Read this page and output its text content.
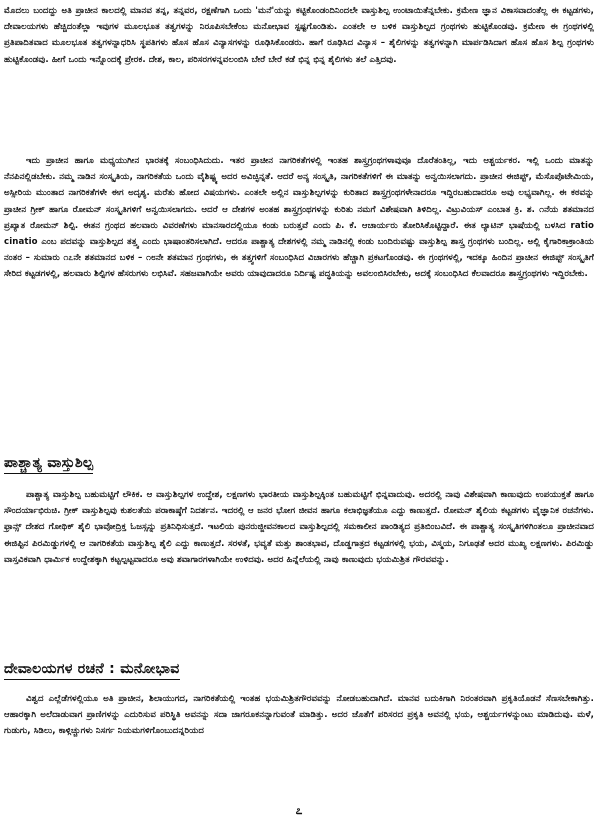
ಮೊದಲು ಬಂದದ್ದು ಅತಿ ಪ್ರಾಚೀನ ಕಾಲದಲ್ಲಿ ಮಾನವ ತನ್ನ, ತನ್ನವರ, ರಕ್ಷಣೆಗಾಗಿ ಒಂದು 'ಮನೆ'ಯನ್ನು ಕಟ್ಟಿಕೊಂಡಂದಿನಿಂದಲೇ ವಾಸ್ತುಶಿಲ್ಪ ಉಂಟಾಯಿತೆನ್ನಬೇಕು. ಕ್ರಮೇಣ ಜ್ಞಾನ ವಿಕಾಸವಾದಂತೆಲ್ಲ ಈ ಕಟ್ಟಡಗಳು, ದೇವಾಲಯಗಳು ಹೆಚ್ಚಿದಂತೆಲ್ಲಾ ಇವುಗಳ ಮೂಲಭೂತ ತತ್ವಗಳನ್ನು ನಿರೂಪಿಸಬೇಕೆಂಬ ಮನೋಭಾವ ಸ್ಪಷ್ಟಗೊಂಡಿತು. ಎಂತಲೇ ಆ ಬಳಿಕ ವಾಸ್ತುಶಿಲ್ಪದ ಗ್ರಂಥಗಳು ಹುಟ್ಟಿಕೊಂಡವು. ಕ್ರಮೇಣ ಈ ಗ್ರಂಥಗಳಲ್ಲಿ ಪ್ರತಿಪಾದಿತವಾದ ಮೂಲಭೂತ ತತ್ವಗಳನ್ನಾಧರಿಸಿ ಸ್ಥಪತಿಗಳು ಹೊಸ ಹೊಸ ವಿನ್ಯಾಸಗಳನ್ನು ರೂಢಿಸಿಕೊಂಡರು. ಹಾಗೆ ರೂಢಿಸಿದ ವಿನ್ಯಾಸ – ಶೈಲಿಗಳನ್ನು ತತ್ವಗಳನ್ನಾಗಿ ಮಾರ್ಪಡಿಸಿದಾಗ ಹೊಸ ಹೊಸ ಶಿಲ್ಪ ಗ್ರಂಥಗಳು ಹುಟ್ಟಿಕೊಂಡವು. ಹೀಗೆ ಒಂದು ಇನ್ನೊಂದಕ್ಕೆ ಪ್ರೇರಕ. ದೇಶ, ಕಾಲ, ಪರಿಸರಗಳನ್ನವಲಂಬಿಸಿ ಬೇರೆ ಬೇರೆ ಕಡೆ ಭಿನ್ನ ಭಿನ್ನ ಶೈಲಿಗಳು ತಲೆ ಎತ್ತಿದವು.

ಇದು ಪ್ರಾಚೀನ ಹಾಗೂ ಮಧ್ಯಯುಗೀನ ಭಾರತಕ್ಕೆ ಸಂಬಂಧಿಸಿದುದು. ಇತರ ಪ್ರಾಚೀನ ನಾಗರಿಕತೆಗಳಲ್ಲಿ ಇಂತಹ ಶಾಸ್ತ್ರಗ್ರಂಥಗಳಾವುವೂ ದೊರೆತಂತಿಲ್ಲ, ಇದು ಆಶ್ಚರ್ಯಕರ. ಇಲ್ಲಿ ಒಂದು ಮಾತನ್ನು ನೆನಪಿನಲ್ಲಿಡಬೇಕು. ನಮ್ಮ ನಾಡಿನ ಸಂಸ್ಕೃತಿಯ, ನಾಗರಿಕತೆಯ ಒಂದು ವೈಶಿಷ್ಟ್ಯ ಅದರ ಅವಿಚ್ಛಿನ್ನತೆ. ಆದರೆ ಅನ್ಯ ಸಂಸ್ಕೃತಿ, ನಾಗರಿಕತೆಗಳಿಗೆ ಈ ಮಾತನ್ನು ಅನ್ವಯಿಸಲಾಗದು. ಪ್ರಾಚೀನ ಈಜಿಪ್ಟ್, ಮೆಸೊಪೊಟೇಮಿಯ, ಅಸ್ಸೀರಿಯ ಮುಂತಾದ ನಾಗರಿಕತೆಗಳೇ ಈಗ ಅದೃಶ್ಯ. ಮರೆತು ಹೋದ ವಿಷಯಗಳು. ಎಂತಲೇ ಅಲ್ಲಿನ ವಾಸ್ತುಶಿಲ್ಪಗಳನ್ನು ಕುರಿತಾದ ಶಾಸ್ತ್ರಗ್ರಂಥಗಳೇನಾದರೂ ಇದ್ದಿರಬಹುದಾದರೂ ಅವು ಲಭ್ಯವಾಗಿಲ್ಲ. ಈ ಕಠವನ್ನು ಪ್ರಾಚೀನ ಗ್ರೀಕ್ ಹಾಗೂ ರೋಮನ್ ಸಂಸ್ಕೃತಿಗಳಿಗೆ ಅನ್ವಯಿಸಲಾಗದು. ಆದರೆ ಆ ದೇಶಗಳ ಅಂತಹ ಶಾಸ್ತ್ರಗ್ರಂಥಗಳನ್ನು ಕುರಿತು ನಮಗೆ ವಿಶೇಷವಾಗಿ ತಿಳಿದಿಲ್ಲ. ವಿಟ್ರುವಿಯಸ್ ಎಂಬಾತ ಕ್ರಿ. ಶ. ೧ನೆಯ ಶತಮಾನದ ಪ್ರಖ್ಯಾತ ರೋಮನ್ ಶಿಲ್ಪಿ. ಈತನ ಗ್ರಂಥದ ಹಲವಾರು ವಿವರಣೆಗಳು ಮಾನಸಾರದಲ್ಲಿಯೂ ಕಂಡು ಬರುತ್ತವೆ ಎಂದು ಪಿ. ಕೆ. ಆಚಾರ್ಯರು ತೋರಿಸಿಕೊಟ್ಟಿದ್ದಾರೆ. ಈತ ಲ್ಯಾಟಿನ್ ಭಾಷೆಯಲ್ಲಿ ಬಳಸಿದ ratio cinatio ಎಂಬ ಪದವನ್ನು ವಾಸ್ತುಶಿಲ್ಪದ ತತ್ತ್ವ ಎಂದು ಭಾಷಾಂತರಿಸಲಾಗಿದೆ. ಆದರೂ ಪಾಶ್ಚಾತ್ಯ ದೇಶಗಳಲ್ಲಿ ನಮ್ಮ ನಾಡಿನಲ್ಲಿ ಕಂಡು ಬಂದಿರುವಷ್ಟು ವಾಸ್ತುಶಿಲ್ಪ ಶಾಸ್ತ್ರ ಗ್ರಂಥಗಳು ಬಂದಿಲ್ಲ. ಅಲ್ಲಿ ಕೈಗಾರಿಕಾಕ್ರಾಂತಿಯ ನಂತರ – ಸುಮಾರು ೧೭ನೇ ಶತಮಾನದ ಬಳಿಕ – ೧೮ನೇ ಶತಮಾನ ಗ್ರಂಥಗಳು, ಈ ತತ್ತ್ವಗಳಿಗೆ ಸಂಬಂಧಿಸಿದ ವಿಚಾರಗಳು ಹೆಚ್ಚಾಗಿ ಪ್ರಕಟಗೊಂಡವು. ಈ ಗ್ರಂಥಗಳಲ್ಲಿ, ಇದಕ್ಕೂ ಹಿಂದಿನ ಪ್ರಾಚೀನ ಈಜಿಪ್ಟ್ ಸಂಸ್ಕೃತಿಗೆ ಸೇರಿದ ಕಟ್ಟಡಗಳಲ್ಲಿ, ಹಲವಾರು ಶಿಲ್ಪಿಗಳ ಹೆಸರುಗಳು ಲಭಿಸಿವೆ. ಸಹಜವಾಗಿಯೇ ಅವರು ಯಾವುದಾದರೂ ನಿರ್ದಿಷ್ಟ ಪದ್ಧತಿಯನ್ನು ಅವಲಂಬಿಸಿರಬೇಕು, ಅದಕ್ಕೆ ಸಂಬಂಧಿಸಿದ ಕೆಲವಾದರೂ ಶಾಸ್ತ್ರಗ್ರಂಥಗಳು ಇದ್ದಿರಬೇಕು.

ಪಾಶ್ಚಾತ್ಯ ವಾಸ್ತುಶಿಲ್ಪ

ಪಾಶ್ಚಾತ್ಯ ವಾಸ್ತುಶಿಲ್ಪ ಬಹುಮಟ್ಟಿಗೆ ಲೌಕಿಕ. ಆ ವಾಸ್ತುಶಿಲ್ಪಗಳ ಉದ್ದೇಶ, ಲಕ್ಷಣಗಳು ಭಾರತೀಯ ವಾಸ್ತುಶಿಲ್ಪಕ್ಕಿಂತ ಬಹುಮಟ್ಟಿಗೆ ಭಿನ್ನವಾದುವು. ಅದರಲ್ಲಿ ನಾವು ವಿಶೇಷವಾಗಿ ಕಾಣುವುದು ಉಪಯುಕ್ತತೆ ಹಾಗೂ ಸೌಂದರ್ಯಾಭಿರುಚಿ. ಗ್ರೀಕ್ ವಾಸ್ತುಶಿಲ್ಪವು ಕುಶಲತೆಯ ಪರಾಕಾಷ್ಠೆಗೆ ನಿದರ್ಶನ. ಇದರಲ್ಲಿ ಆ ಜನರ ಭೋಗ ಜೀವನ ಹಾಗೂ ಕಲಾಭಿಜ್ಞತೆಯೂ ಎದ್ದು ಕಾಣುತ್ತದೆ. ರೋಮನ್ ಶೈಲಿಯ ಕಟ್ಟಡಗಳು ವೈಜ್ಞಾನಿಕ ರಚನೆಗಳು. ಫ್ರಾನ್ಸ್ ದೇಶದ ಗೋಥಿಕ್ ಶೈಲಿ ಭಾವೋದ್ರಿಕ್ತ ಓಜಸ್ಸನ್ನು ಪ್ರತಿನಿಧಿಸುತ್ತದೆ. ಇಟಲಿಯ ಪುನರುಜ್ಜೀವನಕಾಲದ ವಾಸ್ತುಶಿಲ್ಪದಲ್ಲಿ ಸಮಕಾಲೀನ ಪಾಂಡಿತ್ಯದ ಪ್ರತಿಬಿಂಬವಿದೆ. ಈ ಪಾಶ್ಚಾತ್ಯ ಸಂಸ್ಕೃತಿಗಳಿಗಿಂತಲೂ ಪ್ರಾಚೀನವಾದ ಈಜಿಪ್ಟಿನ ಪಿರಮಿಡ್ಡುಗಳಲ್ಲಿ ಆ ನಾಗರಿಕತೆಯ ವಾಸ್ತುಶಿಲ್ಪ ಶೈಲಿ ಎದ್ದು ಕಾಣುತ್ತದೆ. ಸರಳತೆ, ಭವ್ಯತೆ ಮತ್ತು ಶಾಂತಭಾವ, ದೊಡ್ಡಗಾತ್ರದ ಕಟ್ಟಡಗಳಲ್ಲಿ ಭಯ, ವಿಸ್ಮಯ, ನಿಗೂಢತೆ ಅದರ ಮುಖ್ಯ ಲಕ್ಷಣಗಳು. ಪಿರಮಿಡ್ಡು ವಾಸ್ತವಿಕವಾಗಿ ಧಾರ್ಮಿಕ ಉದ್ದೇಶಕ್ಕಾಗಿ ಕಟ್ಟಲ್ಪಟ್ಟವಾದರೂ ಅವು ಶವಾಗಾರಗಳಾಗಿಯೇ ಉಳಿದವು. ಅದರ ಹಿನ್ನೆಲೆಯಲ್ಲಿ ನಾವು ಕಾಣುವುದು ಭಯಮಿಶ್ರಿತ ಗೌರವವನ್ನು.

ದೇವಾಲಯಗಳ ರಚನೆ : ಮನೋಭಾವ

ವಿಶ್ವದ ಎಲ್ಲೆಡೆಗಳಲ್ಲಿಯೂ ಅತಿ ಪ್ರಾಚೀನ, ಶಿಲಾಯುಗದ, ನಾಗರಿಕತೆಯಲ್ಲಿ ಇಂತಹ ಭಯಮಿಶ್ರಿತಗೌರವವನ್ನು ನೋಡಬಹುದಾಗಿದೆ. ಮಾನವ ಬದುಕಿಗಾಗಿ ನಿರಂತರವಾಗಿ ಪ್ರಕೃತಿಯೊಡನೆ ಸೆಣಸಬೇಕಾಗಿತ್ತು. ಆಹಾರಕ್ಕಾಗಿ ಅಲೆದಾಡುವಾಗ ಪ್ರಾಣಿಗಳನ್ನು ಎದುರಿಸುವ ಪರಿಸ್ಥಿತಿ ಅವನನ್ನು ಸದಾ ಜಾಗರೂಕನನ್ನಾಗುವಂತೆ ಮಾಡಿತ್ತು. ಅದರ ಜೊತೆಗೆ ಪರಿಸರದ ಪ್ರಕೃತಿ ಅವನಲ್ಲಿ ಭಯ, ಆಶ್ಚರ್ಯಗಳನ್ನುಂಟು ಮಾಡಿದುವು. ಮಳೆ, ಗುಡುಗು, ಸಿಡಿಲು, ಕಾಳ್ಗಿಚ್ಚುಗಳು ನಿಸರ್ಗ ನಿಯಮಗಳಿಗೊಂಬುದನ್ನರಿಯದ

೭
